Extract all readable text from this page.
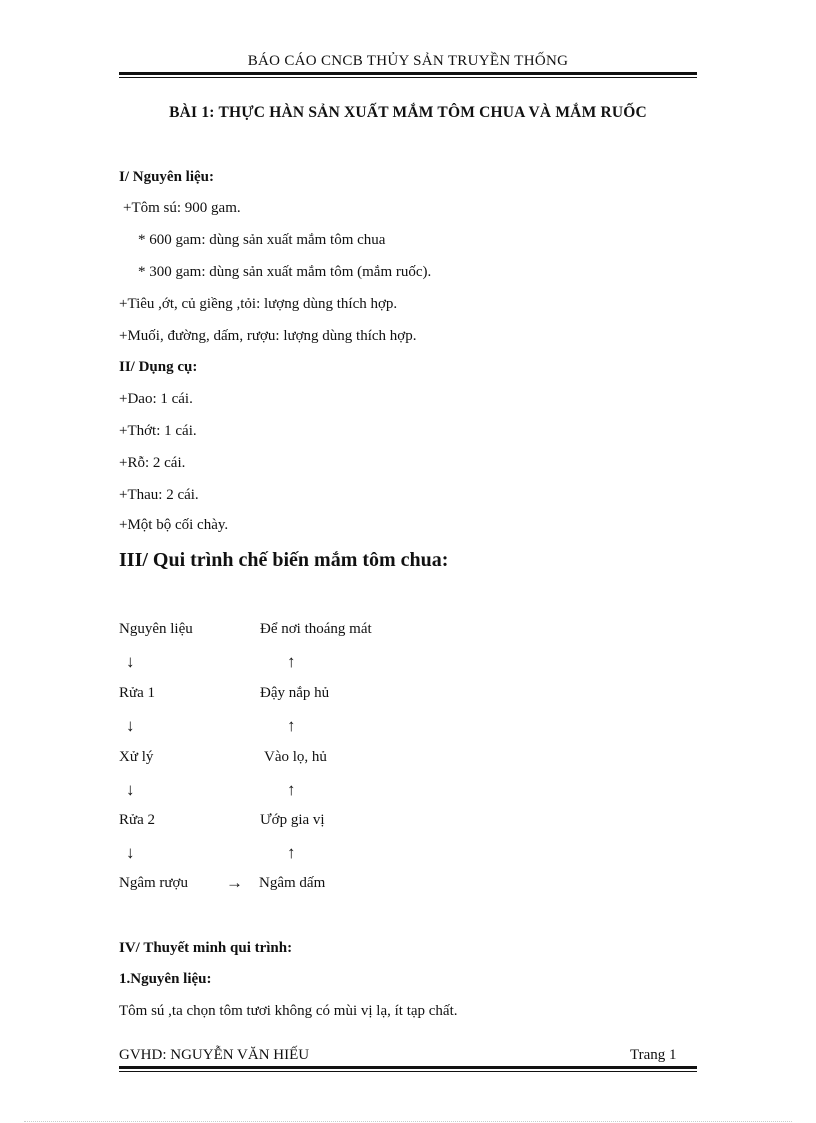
BÁO CÁO CNCB THỦY SẢN TRUYỀN THỐNG
BÀI 1: THỰC HÀN SẢN XUẤT MẮM TÔM CHUA VÀ MẮM RUỐC
I/ Nguyên liệu:
+Tôm sú: 900 gam.
* 600 gam: dùng sản xuất mắm tôm chua
* 300 gam: dùng sản xuất mắm tôm (mắm ruốc).
+Tiêu ,ớt, củ giềng ,tỏi: lượng dùng thích hợp.
+Muối, đường, dấm, rượu: lượng dùng thích hợp.
II/ Dụng cụ:
+Dao: 1 cái.
+Thớt: 1 cái.
+Rỗ: 2 cái.
+Thau: 2 cái.
+Một bộ cối chày.
III/ Qui trình chế biến mắm tôm chua:
Nguyên liệu
↓
Rửa 1
↓
Xử lý
↓
Rửa 2
↓
Ngâm rượu →
Để nơi thoáng mát
↑
Đậy nắp hủ
↑
Vào lọ, hủ
↑
Ướp gia vị
↑
Ngâm dấm
IV/ Thuyết minh qui trình:
1.Nguyên liệu:
Tôm sú ,ta chọn tôm tươi không có mùi vị lạ, ít tạp chất.
GVHD: NGUYỄN VĂN HIẾU	Trang 1
